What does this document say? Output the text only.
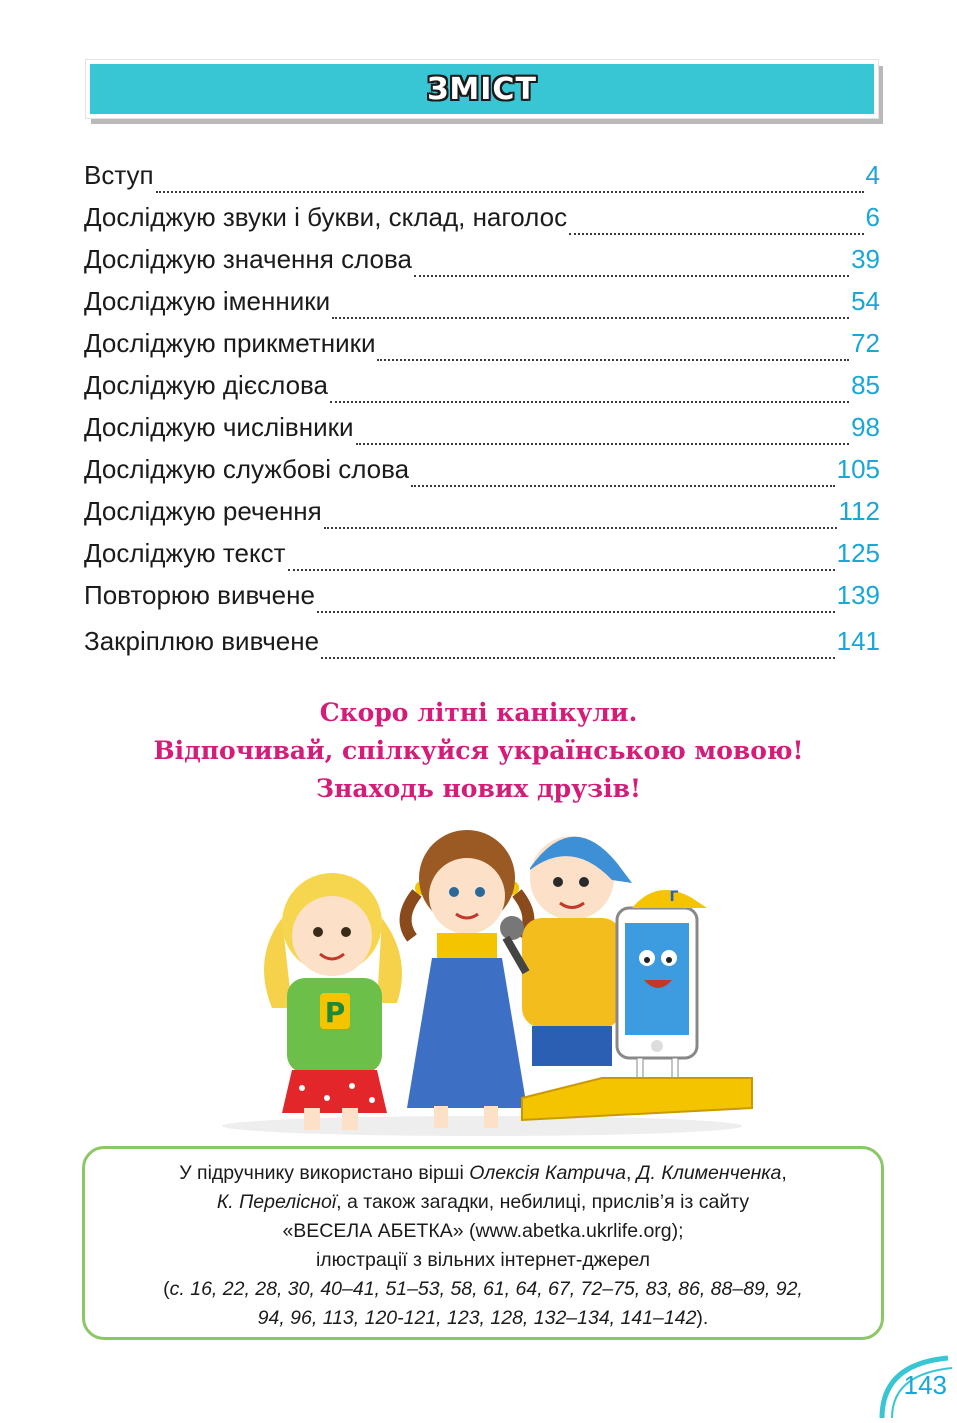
ЗМІСТ
Вступ	4
Досліджую звуки і букви, склад, наголос	6
Досліджую значення слова	39
Досліджую іменники	54
Досліджую прикметники	72
Досліджую дієслова	85
Досліджую числівники	98
Досліджую службові слова	105
Досліджую речення	112
Досліджую текст	125
Повторюю вивчене	139
Закріплюю вивчене	141
Скоро літні канікули.
Відпочивай, спілкуйся українською мовою!
Знаходь нових друзів!
Р
Г
У підручнику використано вірші Олексія Катрича, Д. Клименченка,
К. Перелісної, а також загадки, небилиці, прислів’я із сайту
«ВЕСЕЛА АБЕТКА» (www.abetka.ukrlife.org);
ілюстрації з вільних інтернет-джерел
(с. 16, 22, 28, 30, 40–41, 51–53, 58, 61, 64, 67, 72–75, 83, 86, 88–89, 92,
94, 96, 113, 120-121, 123, 128, 132–134, 141–142).
143
